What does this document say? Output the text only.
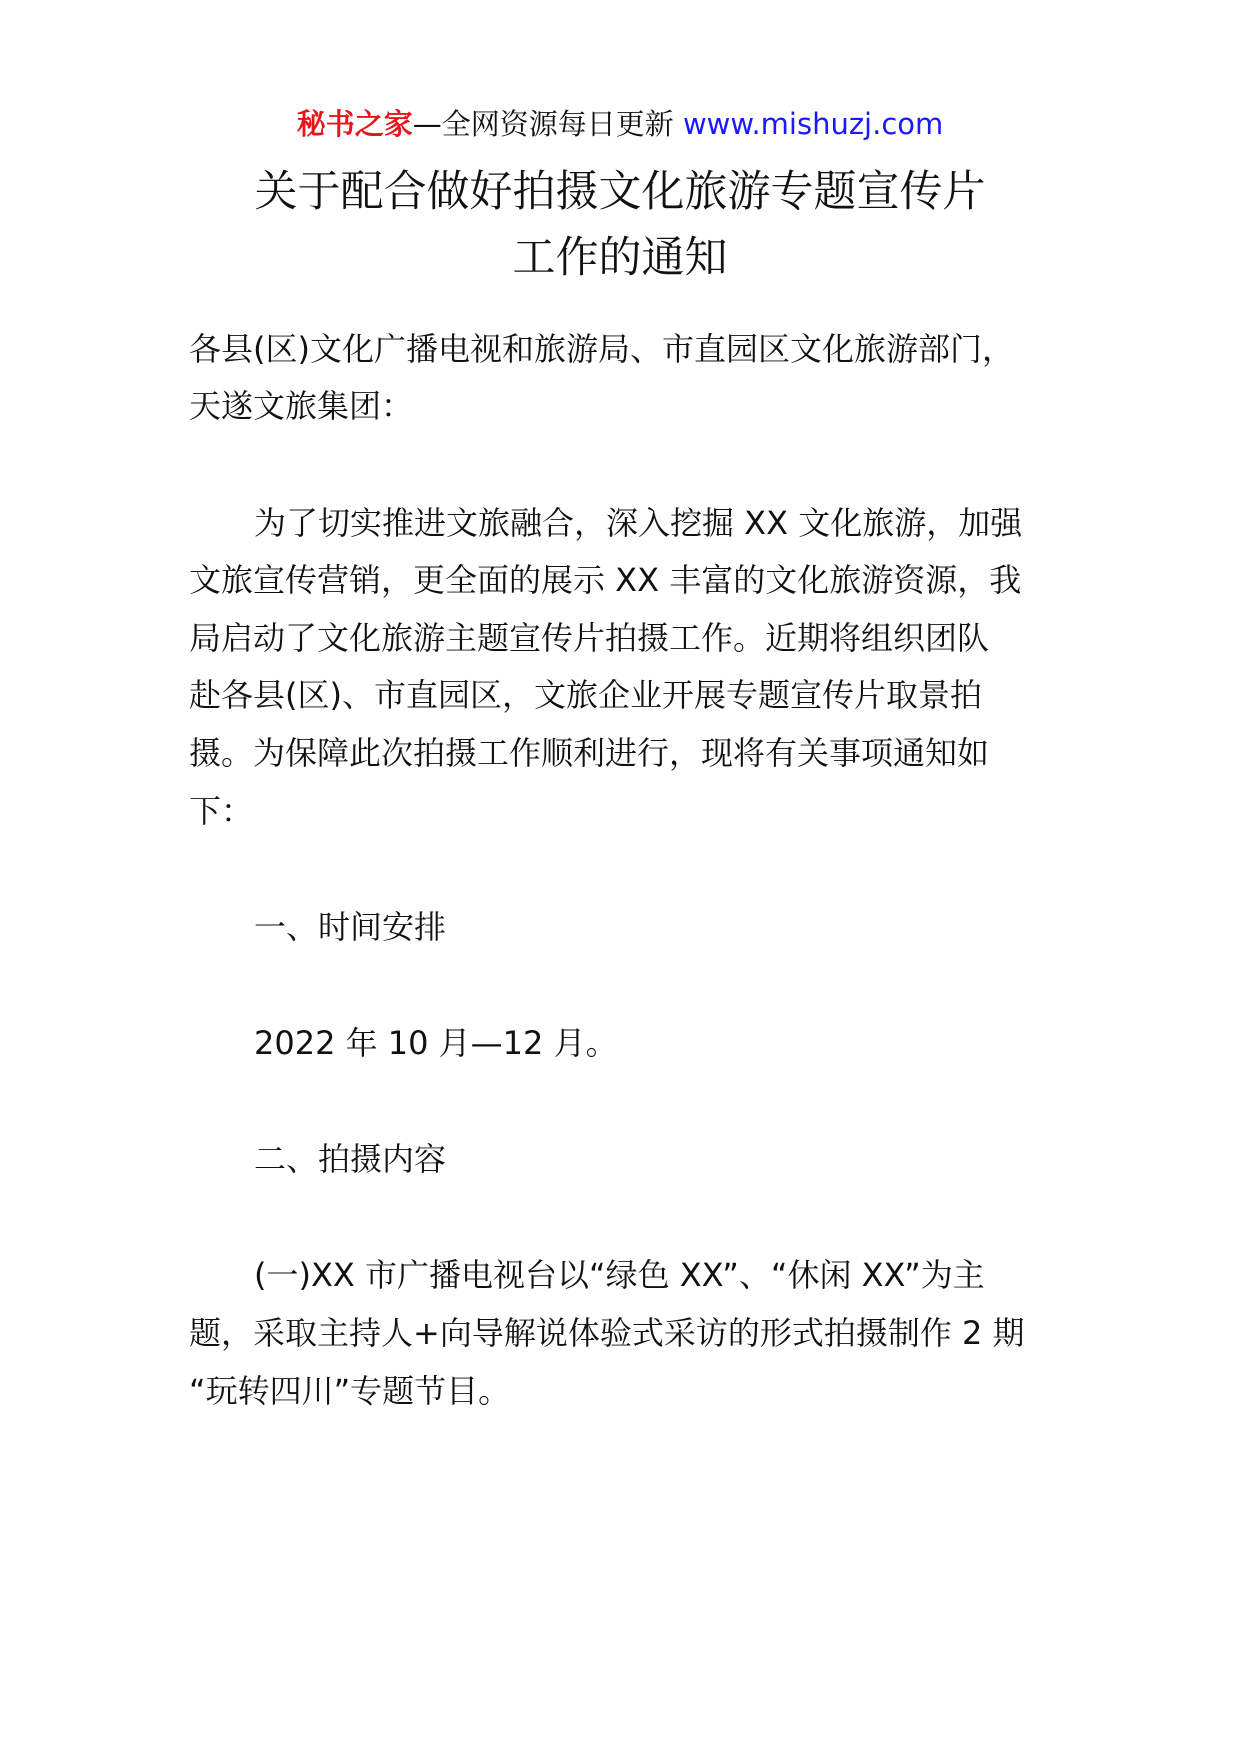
秘书之家—全网资源每日更新 www.mishuzj.com
关于配合做好拍摄文化旅游专题宣传片
工作的通知
各县(区)文化广播电视和旅游局、市直园区文化旅游部门，
天遂文旅集团：
为了切实推进文旅融合，深入挖掘 XX 文化旅游，加强
文旅宣传营销，更全面的展示 XX 丰富的文化旅游资源，我
局启动了文化旅游主题宣传片拍摄工作。近期将组织团队
赴各县(区)、市直园区，文旅企业开展专题宣传片取景拍
摄。为保障此次拍摄工作顺利进行，现将有关事项通知如
下：
一、时间安排
2022 年 10 月—12 月。
二、拍摄内容
(一)XX 市广播电视台以“绿色 XX”、“休闲 XX”为主
题，采取主持人+向导解说体验式采访的形式拍摄制作 2 期
“玩转四川”专题节目。
